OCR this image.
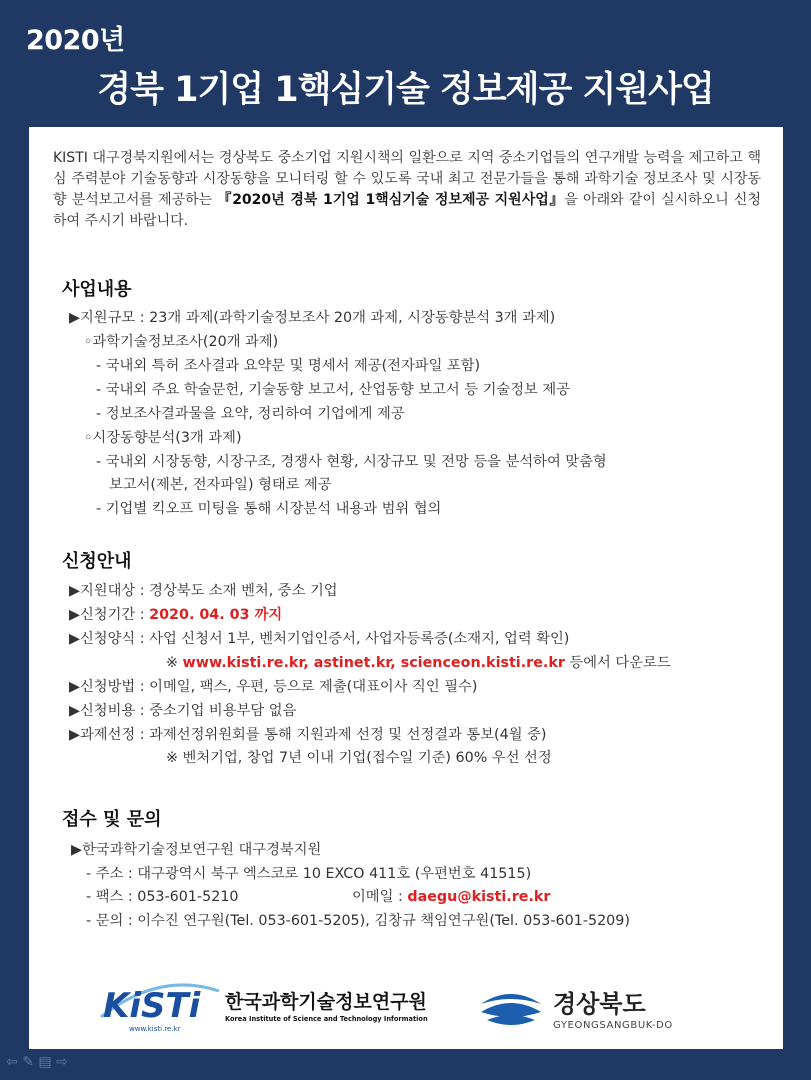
2020년
경북 1기업 1핵심기술 정보제공 지원사업
KISTI 대구경북지원에서는 경상북도 중소기업 지원시책의 일환으로 지역 중소기업들의 연구개발 능력을 제고하고 핵심 주력분야 기술동향과 시장동향을 모니터링 할 수 있도록 국내 최고 전문가들을 통해 과학기술 정보조사 및 시장동향 분석보고서를 제공하는 『2020년 경북 1기업 1핵심기술 정보제공 지원사업』을 아래와 같이 실시하오니 신청하여 주시기 바랍니다.
사업내용
▶지원규모 : 23개 과제(과학기술정보조사 20개 과제, 시장동향분석 3개 과제)
◦과학기술정보조사(20개 과제)
- 국내외 특허 조사결과 요약문 및 명세서 제공(전자파일 포함)
- 국내외 주요 학술문헌, 기술동향 보고서, 산업동향 보고서 등 기술정보 제공
- 정보조사결과물을 요약, 정리하여 기업에게 제공
◦시장동향분석(3개 과제)
- 국내외 시장동향, 시장구조, 경쟁사 현황, 시장규모 및 전망 등을 분석하여 맞춤형
보고서(제본, 전자파일) 형태로 제공
- 기업별 킥오프 미팅을 통해 시장분석 내용과 범위 협의
신청안내
▶지원대상 : 경상북도 소재 벤처, 중소 기업
▶신청기간 : 2020. 04. 03 까지
▶신청양식 : 사업 신청서 1부, 벤처기업인증서, 사업자등록증(소재지, 업력 확인)
※ www.kisti.re.kr, astinet.kr, scienceon.kisti.re.kr 등에서 다운로드
▶신청방법 : 이메일, 팩스, 우편, 등으로 제출(대표이사 직인 필수)
▶신청비용 : 중소기업 비용부담 없음
▶과제선정 : 과제선정위원회를 통해 지원과제 선정 및 선정결과 통보(4월 중)
※ 벤처기업, 창업 7년 이내 기업(접수일 기준) 60% 우선 선정
접수 및 문의
▶한국과학기술정보연구원 대구경북지원
- 주소 : 대구광역시 북구 엑스코로 10 EXCO 411호 (우편번호 41515)
- 팩스 : 053-601-5210	이메일 : daegu@kisti.re.kr
- 문의 : 이수진 연구원(Tel. 053-601-5205), 김창규 책임연구원(Tel. 053-601-5209)
KiSTi
www.kisti.re.kr
한국과학기술정보연구원
Korea Institute of Science and Technology Information
경상북도
GYEONGSANGBUK-DO
⇦ ✎ ▤ ⇨
